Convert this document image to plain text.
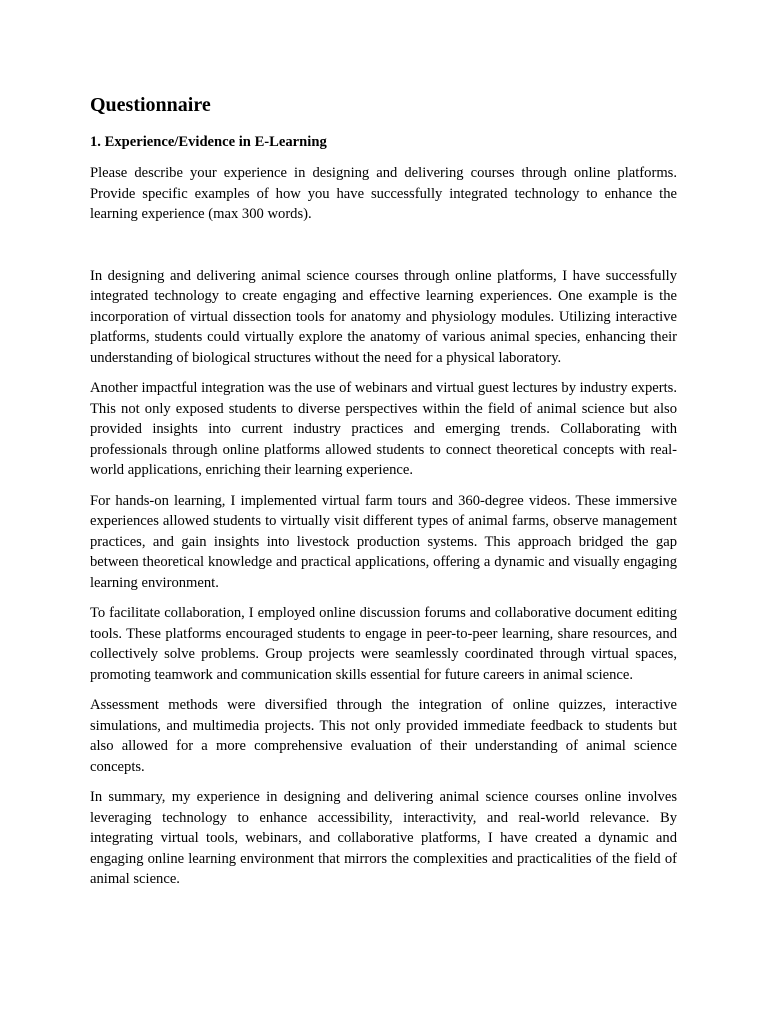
Questionnaire
1. Experience/Evidence in E-Learning

Please describe your experience in designing and delivering courses through online platforms. Provide specific examples of how you have successfully integrated technology to enhance the learning experience (max 300 words).

In designing and delivering animal science courses through online platforms, I have successfully integrated technology to create engaging and effective learning experiences. One example is the incorporation of virtual dissection tools for anatomy and physiology modules. Utilizing interactive platforms, students could virtually explore the anatomy of various animal species, enhancing their understanding of biological structures without the need for a physical laboratory.

Another impactful integration was the use of webinars and virtual guest lectures by industry experts. This not only exposed students to diverse perspectives within the field of animal science but also provided insights into current industry practices and emerging trends. Collaborating with professionals through online platforms allowed students to connect theoretical concepts with real-world applications, enriching their learning experience.

For hands-on learning, I implemented virtual farm tours and 360-degree videos. These immersive experiences allowed students to virtually visit different types of animal farms, observe management practices, and gain insights into livestock production systems. This approach bridged the gap between theoretical knowledge and practical applications, offering a dynamic and visually engaging learning environment.

To facilitate collaboration, I employed online discussion forums and collaborative document editing tools. These platforms encouraged students to engage in peer-to-peer learning, share resources, and collectively solve problems. Group projects were seamlessly coordinated through virtual spaces, promoting teamwork and communication skills essential for future careers in animal science.

Assessment methods were diversified through the integration of online quizzes, interactive simulations, and multimedia projects. This not only provided immediate feedback to students but also allowed for a more comprehensive evaluation of their understanding of animal science concepts.

In summary, my experience in designing and delivering animal science courses online involves leveraging technology to enhance accessibility, interactivity, and real-world relevance. By integrating virtual tools, webinars, and collaborative platforms, I have created a dynamic and engaging online learning environment that mirrors the complexities and practicalities of the field of animal science.
